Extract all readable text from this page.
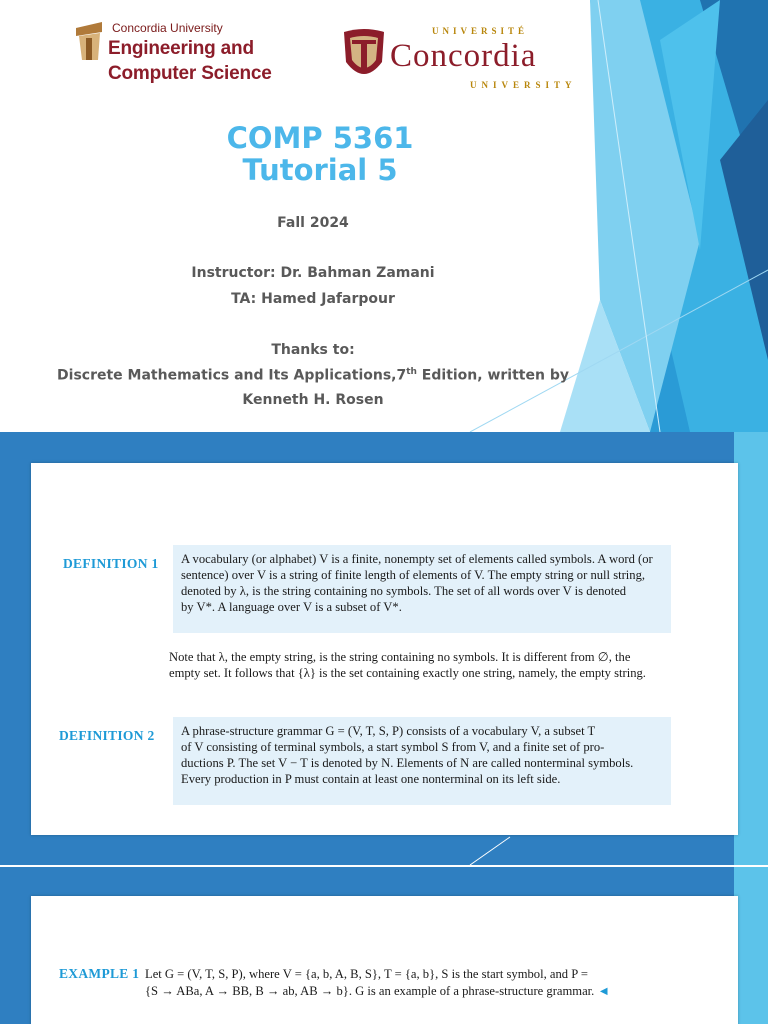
Concordia University
Engineering and
Computer Science
UNIVERSITÉ
Concordia
UNIVERSITY
COMP 5361
Tutorial 5
Fall 2024
Instructor: Dr. Bahman Zamani
TA: Hamed Jafarpour
Thanks to:
Discrete Mathematics and Its Applications,7th Edition, written by
Kenneth H. Rosen
DEFINITION 1 A vocabulary (or alphabet) V is a finite, nonempty set of elements called symbols. A word (or
sentence) over V is a string of finite length of elements of V. The empty string or null string,
denoted by λ, is the string containing no symbols. The set of all words over V is denoted
by V*. A language over V is a subset of V*.
Note that λ, the empty string, is the string containing no symbols. It is different from ∅, the
empty set. It follows that {λ} is the set containing exactly one string, namely, the empty string.
DEFINITION 2 A phrase-structure grammar G = (V, T, S, P) consists of a vocabulary V, a subset T
of V consisting of terminal symbols, a start symbol S from V, and a finite set of pro-
ductions P. The set V − T is denoted by N. Elements of N are called nonterminal symbols.
Every production in P must contain at least one nonterminal on its left side.
EXAMPLE 1 Let G = (V, T, S, P), where V = {a, b, A, B, S}, T = {a, b}, S is the start symbol, and P =
{S → ABa, A → BB, B → ab, AB → b}. G is an example of a phrase-structure grammar. ◄
